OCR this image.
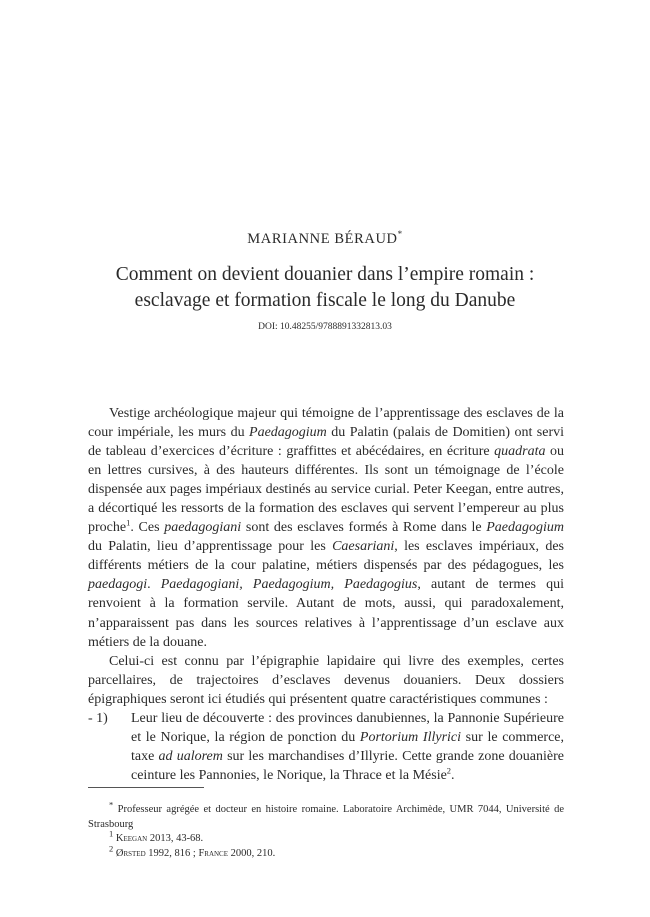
MARIANNE BÉRAUD*
Comment on devient douanier dans l’empire romain :
esclavage et formation fiscale le long du Danube
DOI: 10.48255/9788891332813.03

Vestige archéologique majeur qui témoigne de l’apprentissage des esclaves de la cour impériale, les murs du Paedagogium du Palatin (palais de Domitien) ont servi de tableau d’exercices d’écriture : graffittes et abécédaires, en écriture quadrata ou en lettres cursives, à des hauteurs différentes. Ils sont un témoignage de l’école dispensée aux pages impériaux destinés au service curial. Peter Keegan, entre autres, a décortiqué les ressorts de la formation des esclaves qui servent l’empereur au plus proche$^1$. Ces paedagogiani sont des esclaves formés à Rome dans le Paedagogium du Palatin, lieu d’apprentissage pour les Caesariani, les esclaves impériaux, des différents métiers de la cour palatine, métiers dispensés par des pédagogues, les paedagogi. Paedagogiani, Paedagogium, Paedagogius, autant de termes qui renvoient à la formation servile. Autant de mots, aussi, qui paradoxalement, n’apparaissent pas dans les sources relatives à l’apprentissage d’un esclave aux métiers de la douane.

Celui-ci est connu par l’épigraphie lapidaire qui livre des exemples, certes parcellaires, de trajectoires d’esclaves devenus douaniers. Deux dossiers épigraphiques seront ici étudiés qui présentent quatre caractéristiques communes :

- 1)	Leur lieu de découverte : des provinces danubiennes, la Pannonie Supérieure et le Norique, la région de ponction du Portorium Illyrici sur le commerce, taxe ad ualorem sur les marchandises d’Illyrie. Cette grande zone douanière ceinture les Pannonies, le Norique, la Thrace et la Mésie$^2$.

* Professeur agrégée et docteur en histoire romaine. Laboratoire Archimède, UMR 7044, Université de Strasbourg

$^1$ Keegan 2013, 43-68.

$^2$ Ørsted 1992, 816 ; France 2000, 210.
